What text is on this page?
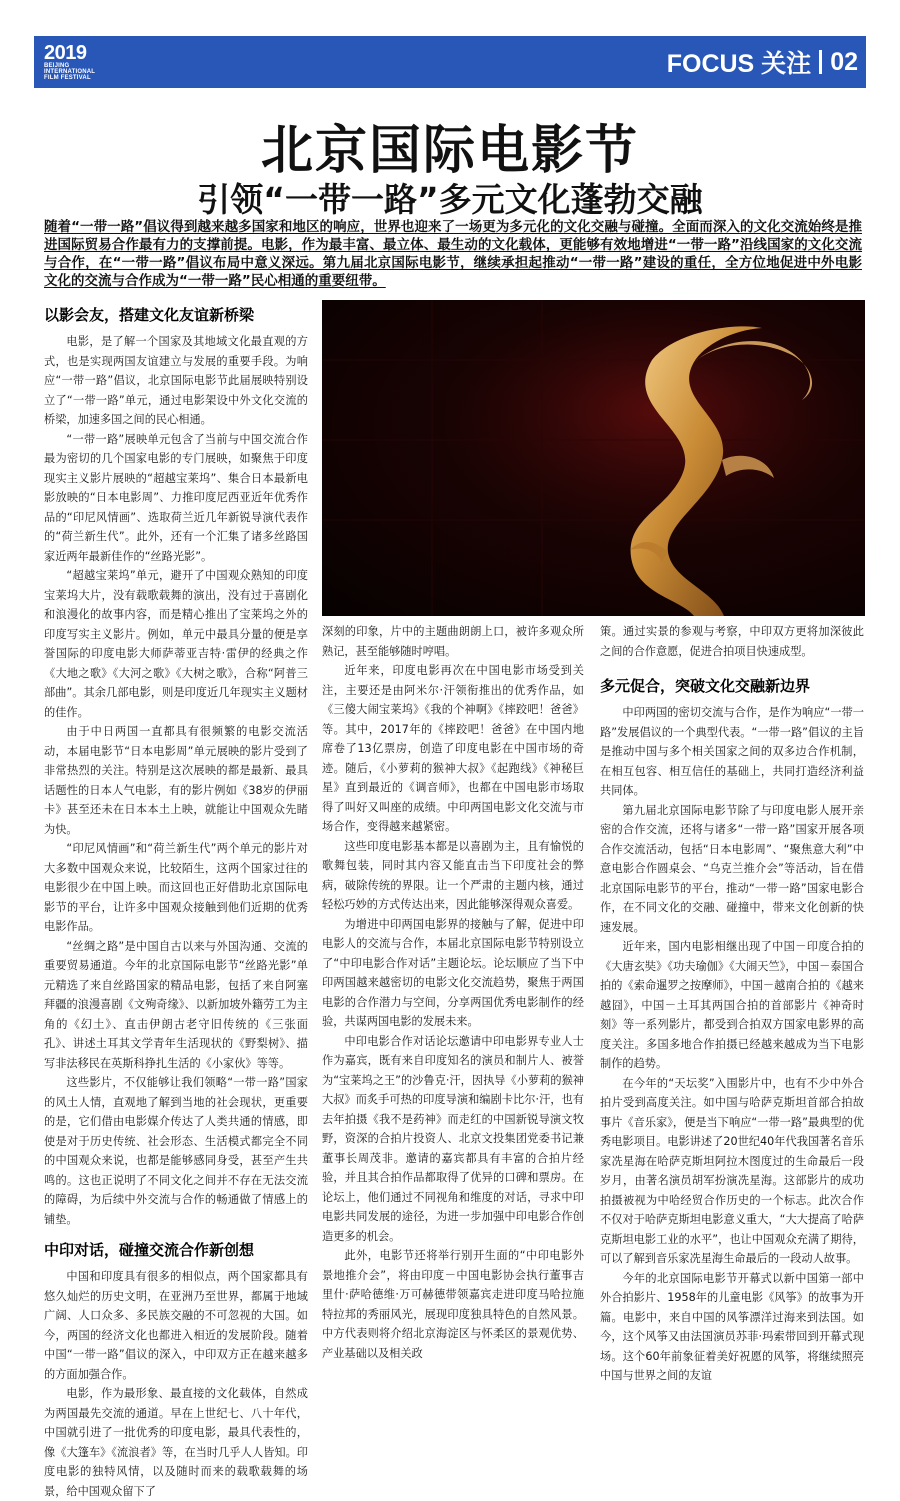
2019
BEIJING
INTERNATIONAL
FILM FESTIVAL	FOCUS 关注 02
北京国际电影节
引领“一带一路”多元文化蓬勃交融
随着“一带一路”倡议得到越来越多国家和地区的响应，世界也迎来了一场更为多元化的文化交融与碰撞。全面而深入的文化交流始终是推进国际贸易合作最有力的支撑前提。电影，作为最丰富、最立体、最生动的文化载体，更能够有效地增进“一带一路”沿线国家的文化交流与合作，在“一带一路”倡议布局中意义深远。第九届北京国际电影节，继续承担起推动“一带一路”建设的重任，全方位地促进中外电影文化的交流与合作成为“一带一路”民心相通的重要纽带。
以影会友，搭建文化友谊新桥梁

电影，是了解一个国家及其地域文化最直观的方式，也是实现两国友谊建立与发展的重要手段。为响应“一带一路”倡议，北京国际电影节此届展映特别设立了“一带一路”单元，通过电影架设中外文化交流的桥梁，加速多国之间的民心相通。

“一带一路”展映单元包含了当前与中国交流合作最为密切的几个国家电影的专门展映，如聚焦于印度现实主义影片展映的“超越宝莱坞”、集合日本最新电影放映的“日本电影周”、力推印度尼西亚近年优秀作品的“印尼风情画”、选取荷兰近几年新锐导演代表作的“荷兰新生代”。此外，还有一个汇集了诸多丝路国家近两年最新佳作的“丝路光影”。

“超越宝莱坞”单元，避开了中国观众熟知的印度宝莱坞大片，没有载歌载舞的演出，没有过于喜剧化和浪漫化的故事内容，而是精心推出了宝莱坞之外的印度写实主义影片。例如，单元中最具分量的便是享誉国际的印度电影大师萨蒂亚吉特·雷伊的经典之作《大地之歌》《大河之歌》《大树之歌》，合称“阿普三部曲”。其余几部电影，则是印度近几年现实主义题材的佳作。

由于中日两国一直都具有很频繁的电影交流活动，本届电影节“日本电影周”单元展映的影片受到了非常热烈的关注。特别是这次展映的都是最新、最具话题性的日本人气电影，有的影片例如《38岁的伊丽卡》甚至还未在日本本土上映，就能让中国观众先睹为快。

“印尼风情画”和“荷兰新生代”两个单元的影片对大多数中国观众来说，比较陌生，这两个国家过往的电影很少在中国上映。而这回也正好借助北京国际电影节的平台，让许多中国观众接触到他们近期的优秀电影作品。

“丝绸之路”是中国自古以来与外国沟通、交流的重要贸易通道。今年的北京国际电影节“丝路光影”单元精选了来自丝路国家的精品电影，包括了来自阿塞拜疆的浪漫喜剧《文殉奇缘》、以新加坡外籍劳工为主角的《幻土》、直击伊朗古老守旧传统的《三张面孔》、讲述土耳其文学青年生活现状的《野梨树》、描写非法移民在英斯科挣扎生活的《小家伙》等等。

这些影片，不仅能够让我们领略“一带一路”国家的风土人情，直观地了解到当地的社会现状，更重要的是，它们借由电影媒介传达了人类共通的情感，即使是对于历史传统、社会形态、生活模式都完全不同的中国观众来说，也都是能够感同身受，甚至产生共鸣的。这也正说明了不同文化之间并不存在无法交流的障碍，为后续中外交流与合作的畅通做了情感上的铺垫。

中印对话，碰撞交流合作新创想

中国和印度具有很多的相似点，两个国家都具有悠久灿烂的历史文明，在亚洲乃至世界，都属于地域广阔、人口众多、多民族交融的不可忽视的大国。如今，两国的经济文化也都进入相近的发展阶段。随着中国“一带一路”倡议的深入，中印双方正在越来越多的方面加强合作。

电影，作为最形象、最直接的文化载体，自然成为两国最先交流的通道。早在上世纪七、八十年代，中国就引进了一批优秀的印度电影，最具代表性的，像《大篷车》《流浪者》等，在当时几乎人人皆知。印度电影的独特风情，以及随时而来的载歌载舞的场景，给中国观众留下了

深刻的印象，片中的主题曲朗朗上口，被许多观众所熟记，甚至能够随时哼唱。

近年来，印度电影再次在中国电影市场受到关注，主要还是由阿米尔·汗领衔推出的优秀作品，如《三傻大闹宝莱坞》《我的个神啊》《摔跤吧！爸爸》等。其中，2017年的《摔跤吧！爸爸》在中国内地席卷了13亿票房，创造了印度电影在中国市场的奇迹。随后，《小萝莉的猴神大叔》《起跑线》《神秘巨星》直到最近的《调音师》，也都在中国电影市场取得了叫好又叫座的成绩。中印两国电影文化交流与市场合作，变得越来越紧密。

这些印度电影基本都是以喜剧为主，且有愉悦的歌舞包装，同时其内容又能直击当下印度社会的弊病，破除传统的界限。让一个严肃的主题内核，通过轻松巧妙的方式传达出来，因此能够深得观众喜爱。

为增进中印两国电影界的接触与了解，促进中印电影人的交流与合作，本届北京国际电影节特别设立了“中印电影合作对话”主题论坛。论坛顺应了当下中印两国越来越密切的电影文化交流趋势，聚焦于两国电影的合作潜力与空间，分享两国优秀电影制作的经验，共谋两国电影的发展未来。

中印电影合作对话论坛邀请中印电影界专业人士作为嘉宾，既有来自印度知名的演员和制片人、被誉为“宝莱坞之王”的沙鲁克·汗，因执导《小萝莉的猴神大叔》而炙手可热的印度导演和编剧卡比尔·汗，也有去年拍摄《我不是药神》而走红的中国新锐导演文牧野，资深的合拍片投资人、北京文投集团党委书记兼董事长周茂非。邀请的嘉宾都具有丰富的合拍片经验，并且其合拍作品都取得了优异的口碑和票房。在论坛上，他们通过不同视角和维度的对话，寻求中印电影共同发展的途径，为进一步加强中印电影合作创造更多的机会。

此外，电影节还将举行别开生面的“中印电影外景地推介会”，将由印度－中国电影协会执行董事吉里什·萨哈德维·万可赫德带领嘉宾走进印度马哈拉施特拉邦的秀丽风光，展现印度独具特色的自然风景。中方代表则将介绍北京海淀区与怀柔区的景观优势、产业基础以及相关政

策。通过实景的参观与考察，中印双方更将加深彼此之间的合作意愿，促进合拍项目快速成型。

多元促合，突破文化交融新边界

中印两国的密切交流与合作，是作为响应“一带一路”发展倡议的一个典型代表。“一带一路”倡议的主旨是推动中国与多个相关国家之间的双多边合作机制，在相互包容、相互信任的基础上，共同打造经济利益共同体。

第九届北京国际电影节除了与印度电影人展开亲密的合作交流，还将与诸多“一带一路”国家开展各项合作交流活动，包括“日本电影周”、“聚焦意大利”中意电影合作圆桌会、“乌克兰推介会”等活动，旨在借北京国际电影节的平台，推动“一带一路”国家电影合作，在不同文化的交融、碰撞中，带来文化创新的快速发展。

近年来，国内电影相继出现了中国－印度合拍的《大唐玄奘》《功夫瑜伽》《大闹天竺》，中国－泰国合拍的《索命暹罗之按摩师》，中国－越南合拍的《越来越囧》，中国－土耳其两国合拍的首部影片《神奇时刻》等一系列影片，都受到合拍双方国家电影界的高度关注。多国多地合作拍摄已经越来越成为当下电影制作的趋势。

在今年的“天坛奖”入围影片中，也有不少中外合拍片受到高度关注。如中国与哈萨克斯坦首部合拍故事片《音乐家》，便是当下响应“一带一路”最典型的优秀电影项目。电影讲述了20世纪40年代我国著名音乐家冼星海在哈萨克斯坦阿拉木图度过的生命最后一段岁月，由著名演员胡军扮演冼星海。这部影片的成功拍摄被视为中哈经贸合作历史的一个标志。此次合作不仅对于哈萨克斯坦电影意义重大，“大大提高了哈萨克斯坦电影工业的水平”，也让中国观众充满了期待，可以了解到音乐家冼星海生命最后的一段动人故事。

今年的北京国际电影节开幕式以新中国第一部中外合拍影片、1958年的儿童电影《风筝》的故事为开篇。电影中，来自中国的风筝漂洋过海来到法国。如今，这个风筝又由法国演员苏菲·玛索带回到开幕式现场。这个60年前象征着美好祝愿的风筝，将继续照亮中国与世界之间的友谊
